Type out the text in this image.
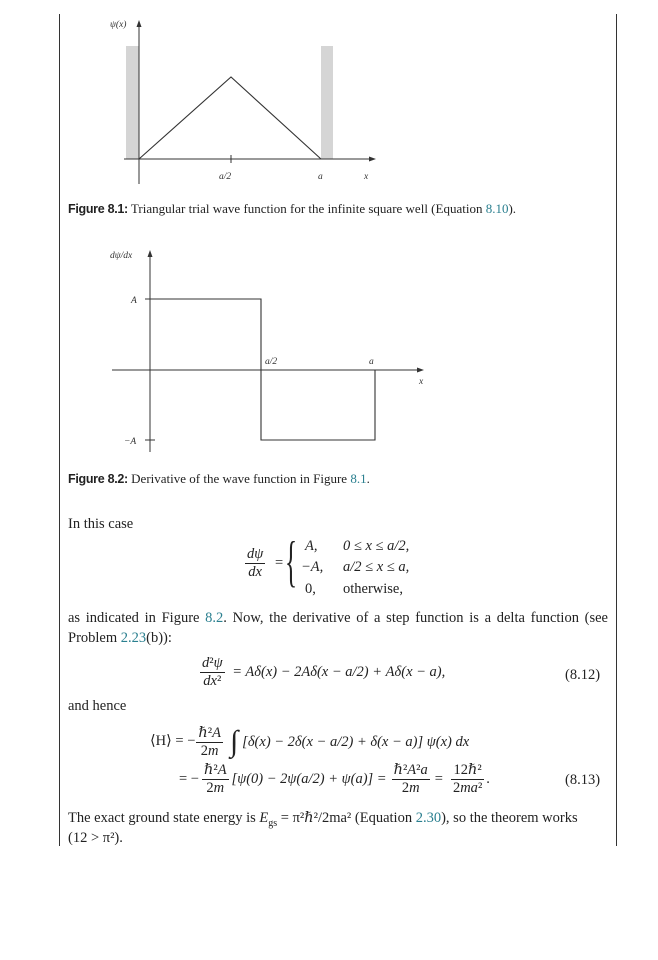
ψ(x)
a/2	a	x
dψ/dx
A
−A
a/2	a
x
Figure 8.1: Triangular trial wave function for the infinite square well (Equation 8.10).
Figure 8.2: Derivative of the wave function in Figure 8.1.
In this case
$\frac{d\psi}{dx}$ = { A, 0 ≤ x ≤ a/2,
−A, a/2 ≤ x ≤ a,
0, otherwise,
as indicated in Figure 8.2. Now, the derivative of a step function is a delta function (see Problem 2.23(b)):
$\frac{\text{d²ψ}}{\text{dx²}} = A\delta(x) - 2A\delta(x - a/2) + A\delta(x - a)$,	(8.12)
and hence
⟨H⟩ = − $\frac{\text{ℏ²A}}{2m}$ ∫ [δ(x) − 2δ(x − a/2) + δ(x − a)] ψ(x) dx
= − $\frac{\text{ℏ²A}}{2m} [\psi(0) - 2\psi(a/2) + \psi(a)] = \frac{\text{ℏ²A²a}}{2m} = \frac{\text{12ℏ²}}{\text{2ma²}}$ .	(8.13)
The exact ground state energy is $E_{gs}$ = π²ℏ²/2ma² (Equation 2.30), so the theorem works
(12 > π²).
